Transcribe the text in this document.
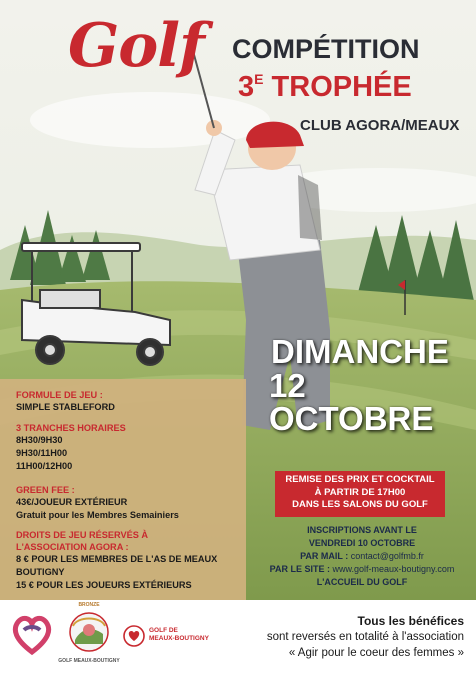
Golf COMPÉTITION
$3^E$ TROPHÉE
CLUB AGORA/MEAUX
DIMANCHE
12 OCTOBRE
FORMULE DE JEU :
SIMPLE STABLEFORD
3 TRANCHES HORAIRES
8H30/9H30
9H30/11H00
11H00/12H00
GREEN FEE :
43€/JOUEUR EXTÉRIEUR
Gratuit pour les Membres Semainiers
DROITS DE JEU RÉSERVÉS À
L'ASSOCIATION AGORA :
8 € POUR LES MEMBRES DE L'AS DE MEAUX
BOUTIGNY
15 € POUR LES JOUEURS EXTÉRIEURS
REMISE DES PRIX ET COCKTAIL
À PARTIR DE 17H00
DANS LES SALONS DU GOLF
INSCRIPTIONS AVANT LE
VENDREDI 10 OCTOBRE
PAR MAIL : contact@golfmb.fr
PAR LE SITE : www.golf-meaux-boutigny.com
L'ACCUEIL DU GOLF
BRONZE
GOLF MEAUX-BOUTIGNY
GOLF DE
MEAUX-BOUTIGNY
Tous les bénéfices
sont reversés en totalité à l'association
« Agir pour le coeur des femmes »
